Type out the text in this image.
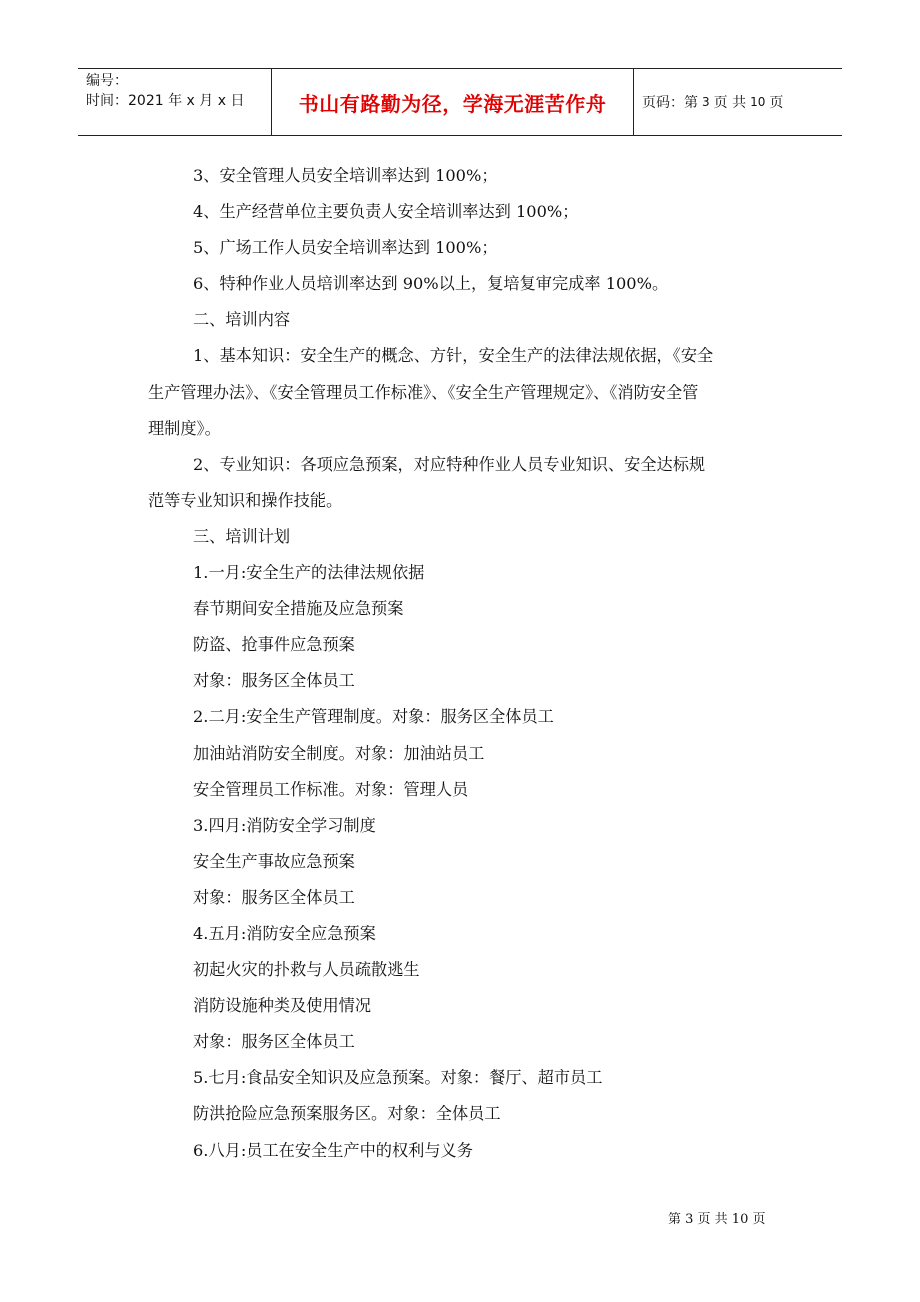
编号：
时间：2021 年 x 月 x 日	书山有路勤为径，学海无涯苦作舟	页码：第 3 页 共 10 页
3、安全管理人员安全培训率达到 100%；
4、生产经营单位主要负责人安全培训率达到 100%；
5、广场工作人员安全培训率达到 100%；
6、特种作业人员培训率达到 90%以上，复培复审完成率 100%。
二、培训内容
1、基本知识：安全生产的概念、方针，安全生产的法律法规依据，《安全
生产管理办法》、《安全管理员工作标准》、《安全生产管理规定》、《消防安全管
理制度》。
2、专业知识：各项应急预案，对应特种作业人员专业知识、安全达标规
范等专业知识和操作技能。
三、培训计划
1.一月:安全生产的法律法规依据
春节期间安全措施及应急预案
防盗、抢事件应急预案
对象：服务区全体员工
2.二月:安全生产管理制度。对象：服务区全体员工
加油站消防安全制度。对象：加油站员工
安全管理员工作标准。对象：管理人员
3.四月:消防安全学习制度
安全生产事故应急预案
对象：服务区全体员工
4.五月:消防安全应急预案
初起火灾的扑救与人员疏散逃生
消防设施种类及使用情况
对象：服务区全体员工
5.七月:食品安全知识及应急预案。对象：餐厅、超市员工
防洪抢险应急预案服务区。对象：全体员工
6.八月:员工在安全生产中的权利与义务
第 3 页 共 10 页
